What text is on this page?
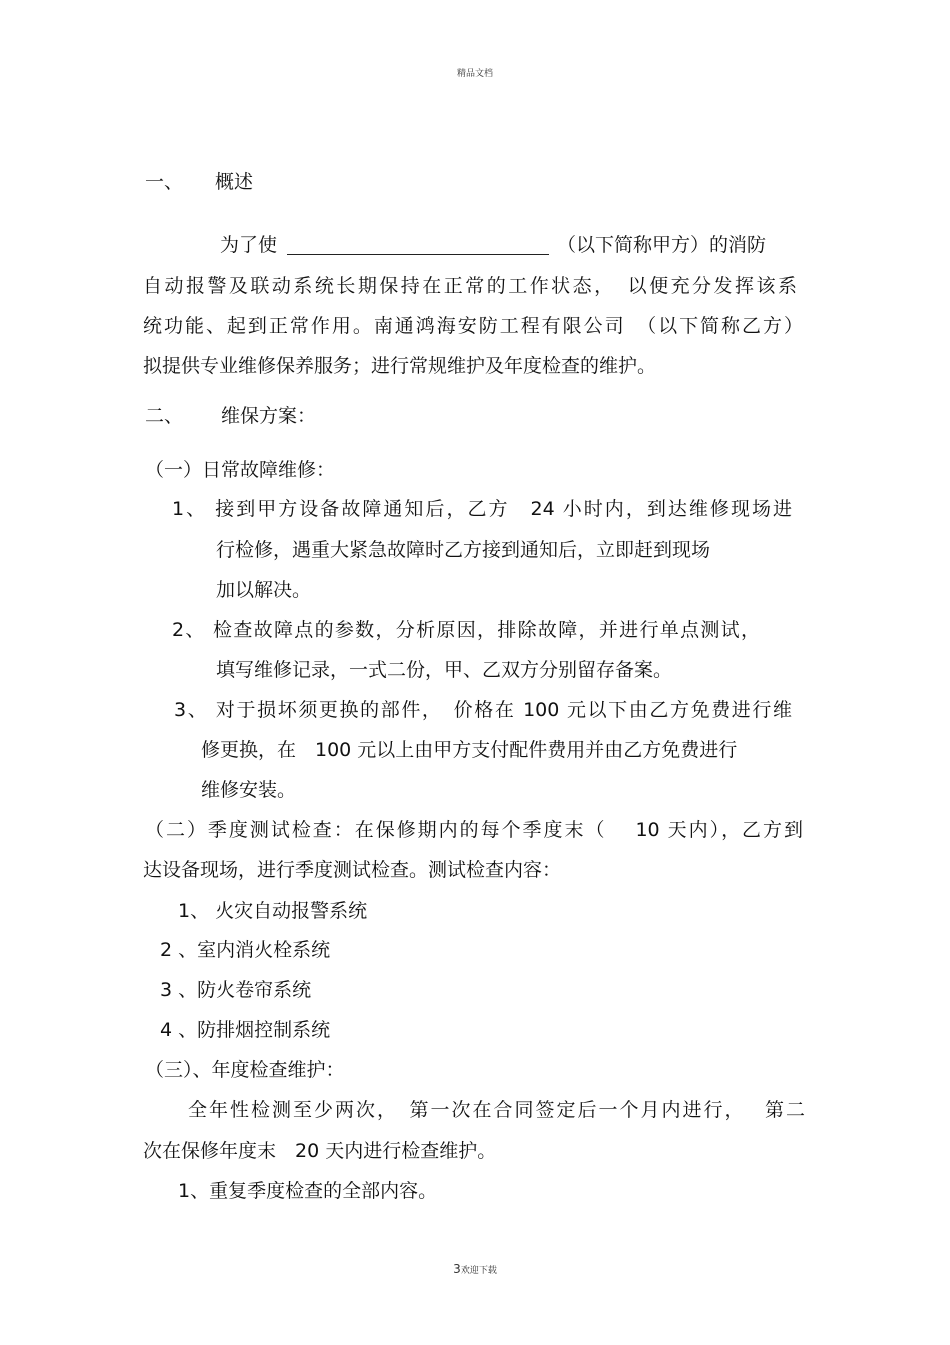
精品文档
一、 概述
为了使	（以下简称甲方）的消防
自动报警及联动系统长期保持在正常的工作状态，　以便充分发挥该系
统功能、起到正常作用。南通鸿海安防工程有限公司　（以下简称乙方）
拟提供专业维修保养服务；进行常规维护及年度检查的维护。
二、 维保方案：
（一）日常故障维修：
1、 接到甲方设备故障通知后，乙方　24 小时内，到达维修现场进
行检修，遇重大紧急故障时乙方接到通知后，立即赶到现场
加以解决。
2、 检查故障点的参数，分析原因，排除故障，并进行单点测试，
填写维修记录，一式二份，甲、乙双方分别留存备案。
3、 对于损坏须更换的部件，　价格在 100 元以下由乙方免费进行维
修更换，在　100 元以上由甲方支付配件费用并由乙方免费进行
维修安装。
（二）季度测试检查：在保修期内的每个季度末（　 10 天内），乙方到
达设备现场，进行季度测试检查。测试检查内容：
1、 火灾自动报警系统
2 、室内消火栓系统
3 、防火卷帘系统
4 、防排烟控制系统
（三）、年度检查维护：
全年性检测至少两次，　第一次在合同签定后一个月内进行，　 第二
次在保修年度末　20 天内进行检查维护。
1、重复季度检查的全部内容。
3欢迎下载
